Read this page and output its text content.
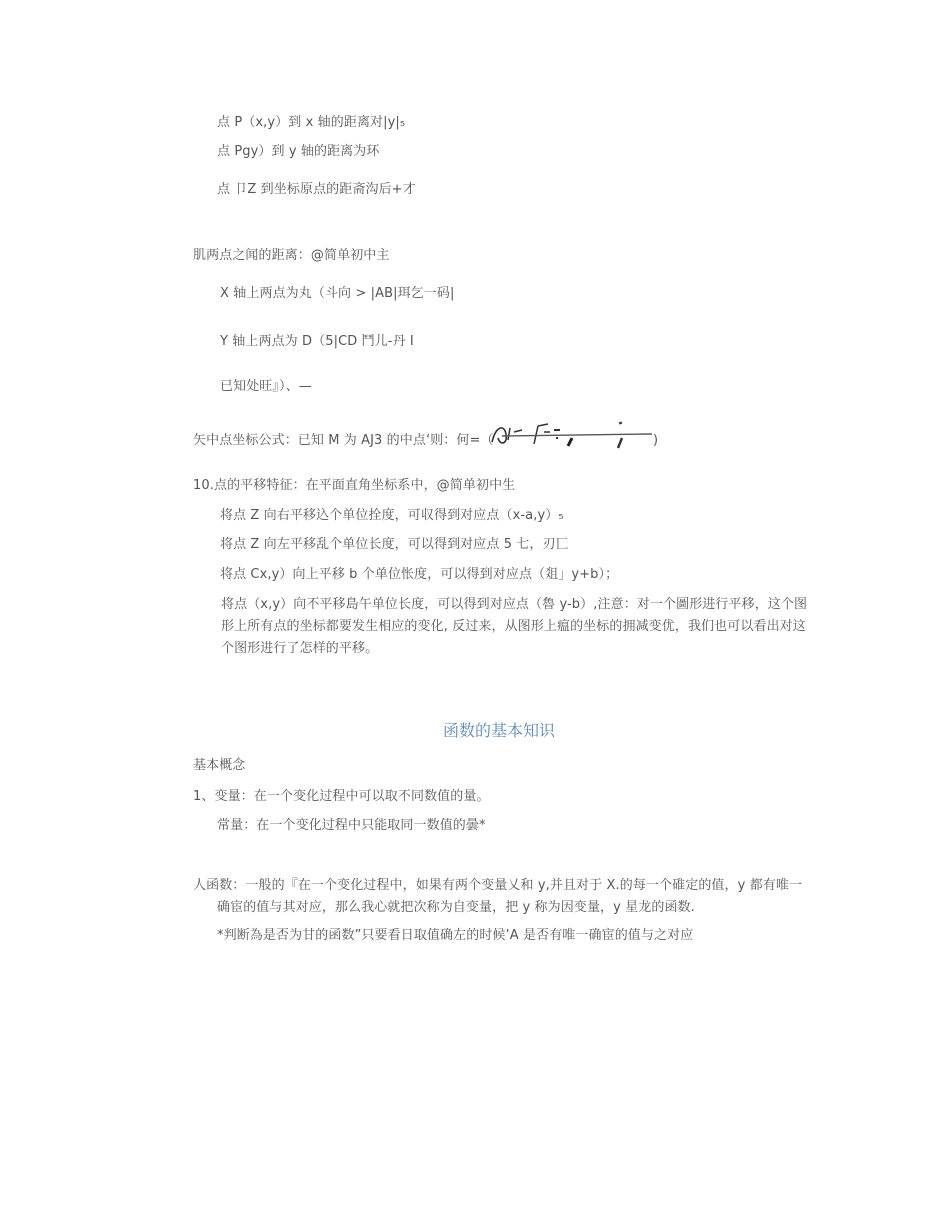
点 P（x,y）到 x 轴的距离对|y|₅
点 Pgy）到 y 轴的距离为环
点 卩Z 到坐标原点的距斋沟后+才
肌两点之闻的距离：@简单初中主
X 轴上两点为丸（斗向 > |AB|珥乞一码|
Y 轴上两点为 D（5|CD 鬥儿-丹 I
已知处旺』）、—
矢中点坐标公式：已知 M 为 AJ3 的中点‘则：何=（	)
10.点的平移特征：在平面直角坐标系中，@简单初中生
将点 Z 向右平移込个单位拴度，可収得到对应点（x-a,y）₅
将点 Z 向左平移乱个单位长度，可以得到对应点 5 七，刃匸
将点 Cx,y）向上平移 b 个单位怅度，可以得到对应点（爼」y+b）；
将点（x,y）向不平移島午单位长度，可以得到对应点（魯 y-b）,注意：对一个圖形进行平移，这个图形上所有点的坐标都要发生相应的变化, 反过来，从图形上瘟的坐标的拥减变优，我们也可以看出对这个图形进行了怎样的平移。
函数的基本知识
基本概念
1、变量：在一个变化过程中可以取不同数值的量。
常量：在一个变化过程中只能取同一数值的曇*
人函数：一般的『在一个变化过程中，如果有两个变量乂和 y,并且对于 X.的每一个碓定的值，y 都有唯一
确宦的值与其对应，那么我心就把次称为自变量，把 y 称为因变量，y 星龙的函数.
*判断為是否为甘的函数”只要看日取值确左的时候’A 是否有唯一确宦的值与之对应
